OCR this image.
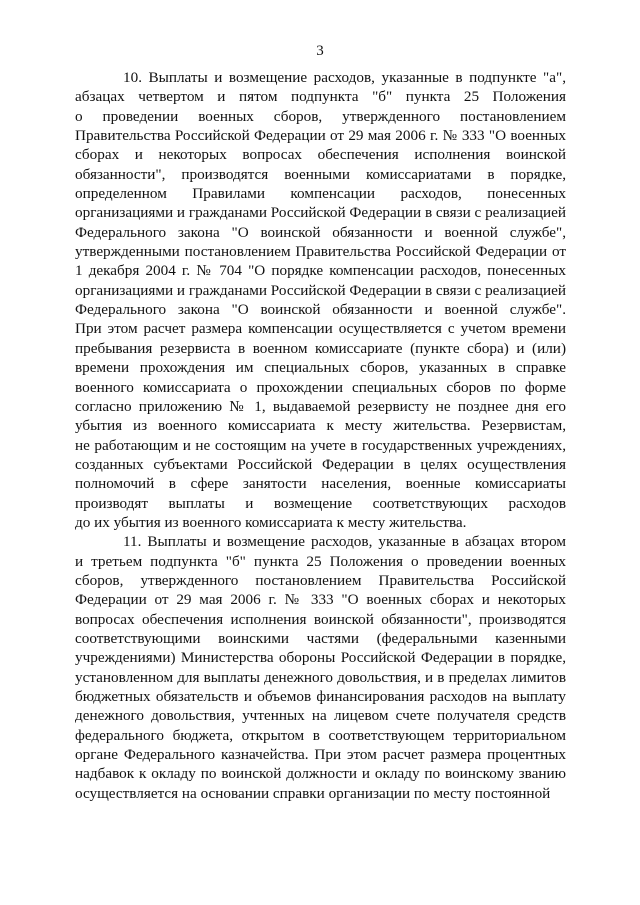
3

10. Выплаты и возмещение расходов, указанные в подпункте "а",
абзацах четвертом и пятом подпункта "б" пункта 25 Положения
о проведении военных сборов, утвержденного постановлением
Правительства Российской Федерации от 29 мая 2006 г. № 333 "О военных
сборах и некоторых вопросах обеспечения исполнения воинской
обязанности", производятся военными комиссариатами в порядке,
определенном Правилами компенсации расходов, понесенных
организациями и гражданами Российской Федерации в связи с реализацией
Федерального закона "О воинской обязанности и военной службе",
утвержденными постановлением Правительства Российской Федерации от
1 декабря 2004 г. № 704 "О порядке компенсации расходов, понесенных
организациями и гражданами Российской Федерации в связи с реализацией
Федерального закона "О воинской обязанности и военной службе".
При этом расчет размера компенсации осуществляется с учетом времени
пребывания резервиста в военном комиссариате (пункте сбора) и (или)
времени прохождения им специальных сборов, указанных в справке
военного комиссариата о прохождении специальных сборов по форме
согласно приложению № 1, выдаваемой резервисту не позднее дня его
убытия из военного комиссариата к месту жительства. Резервистам,
не работающим и не состоящим на учете в государственных учреждениях,
созданных субъектами Российской Федерации в целях осуществления
полномочий в сфере занятости населения, военные комиссариаты
производят выплаты и возмещение соответствующих расходов
до их убытия из военного комиссариата к месту жительства.

11. Выплаты и возмещение расходов, указанные в абзацах втором
и третьем подпункта "б" пункта 25 Положения о проведении военных
сборов, утвержденного постановлением Правительства Российской
Федерации от 29 мая 2006 г. № 333 "О военных сборах и некоторых
вопросах обеспечения исполнения воинской обязанности", производятся
соответствующими воинскими частями (федеральными казенными
учреждениями) Министерства обороны Российской Федерации в порядке,
установленном для выплаты денежного довольствия, и в пределах лимитов
бюджетных обязательств и объемов финансирования расходов на выплату
денежного довольствия, учтенных на лицевом счете получателя средств
федерального бюджета, открытом в соответствующем территориальном
органе Федерального казначейства. При этом расчет размера процентных
надбавок к окладу по воинской должности и окладу по воинскому званию
осуществляется на основании справки организации по месту постоянной
